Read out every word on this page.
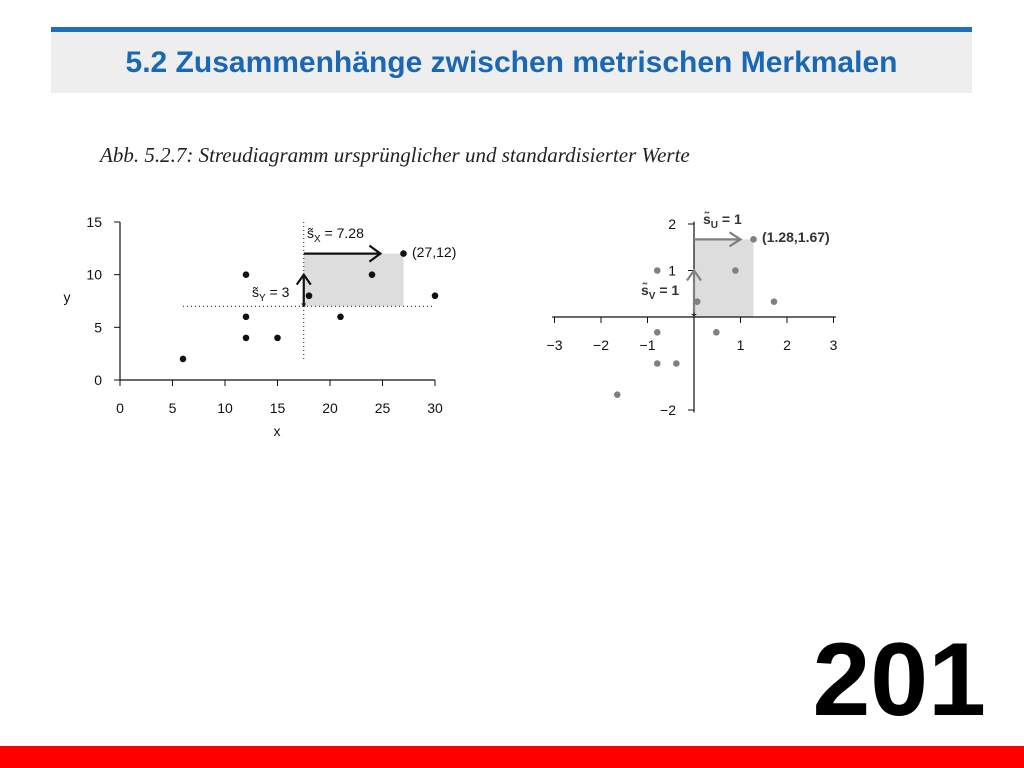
5.2 Zusammenhänge zwischen metrischen Merkmalen
Abb. 5.2.7: Streudiagramm ursprünglicher und standardisierter Werte
0	5	10	15	20	25	30
0
5
10
15
x
y
*
$s̃_X = 7.28$
$s̃_Y = 3$
(27,12)
−3 −2 −1	1	2	3
2
1
−2
*
$s̃_U = 1$
$s̃_V = 1$
(1.28,1.67)
201
